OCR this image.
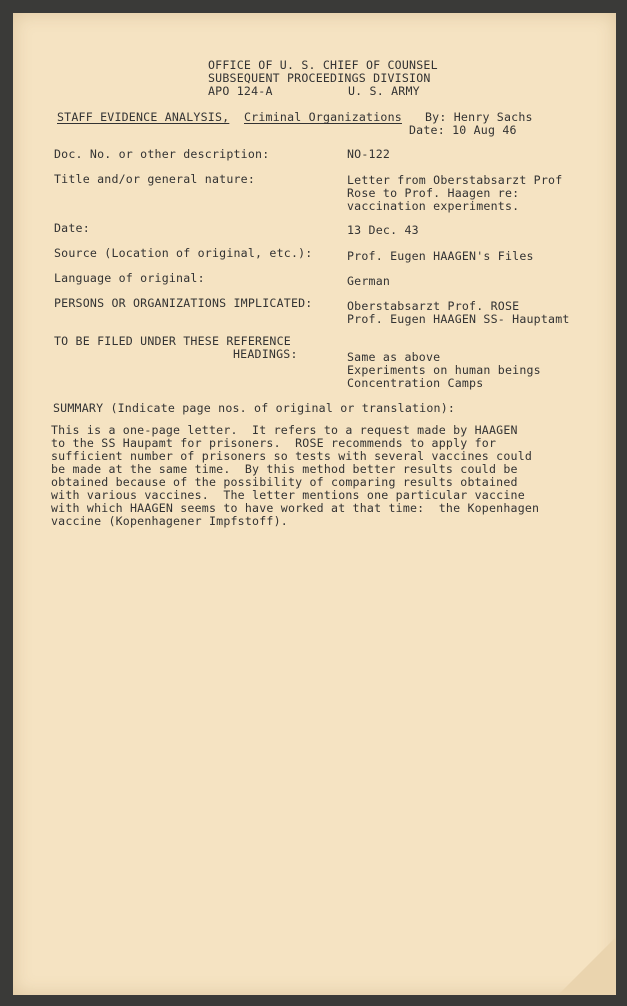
OFFICE OF U. S. CHIEF OF COUNSEL
SUBSEQUENT PROCEEDINGS DIVISION
APO 124-A	U. S. ARMY
STAFF EVIDENCE ANALYSIS, Criminal Organizations By: Henry Sachs
Date: 10 Aug 46
Doc. No. or other description:	NO-122
Title and/or general nature:	Letter from Oberstabsarzt Prof
Rose to Prof. Haagen re:
vaccination experiments.
Date:	13 Dec. 43
Source (Location of original, etc.):	Prof. Eugen HAAGEN's Files
Language of original:	German
PERSONS OR ORGANIZATIONS IMPLICATED:	Oberstabsarzt Prof. ROSE
Prof. Eugen HAAGEN SS- Hauptamt
TO BE FILED UNDER THESE REFERENCE
HEADINGS:	Same as above
Experiments on human beings
Concentration Camps
SUMMARY (Indicate page nos. of original or translation):
This is a one-page letter.  It refers to a request made by HAAGEN
to the SS Haupamt for prisoners.  ROSE recommends to apply for
sufficient number of prisoners so tests with several vaccines could
be made at the same time.  By this method better results could be
obtained because of the possibility of comparing results obtained
with various vaccines.  The letter mentions one particular vaccine
with which HAAGEN seems to have worked at that time:  the Kopenhagen
vaccine (Kopenhagener Impfstoff).
